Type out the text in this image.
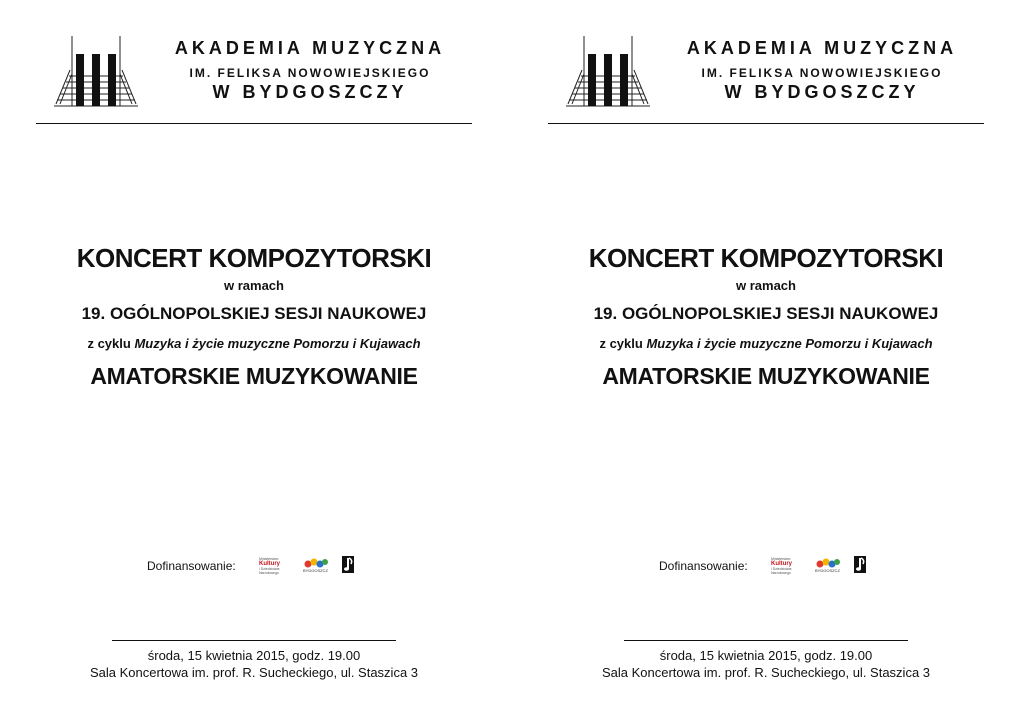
AKADEMIA MUZYCZNA
IM. FELIKSA NOWOWIEJSKIEGO
W BYDGOSZCZY
KONCERT KOMPOZYTORSKI
w ramach
19. OGÓLNOPOLSKIEJ SESJI NAUKOWEJ
z cyklu Muzyka i życie muzyczne Pomorzu i Kujawach
AMATORSKIE MUZYKOWANIE
Dofinansowanie:	Ministerstwo
Kultury
i Dziedzictwa Narodowego	BYDGOSZCZ
środa, 15 kwietnia 2015, godz. 19.00
Sala Koncertowa im. prof. R. Sucheckiego, ul. Staszica 3
AKADEMIA MUZYCZNA
IM. FELIKSA NOWOWIEJSKIEGO
W BYDGOSZCZY
KONCERT KOMPOZYTORSKI
w ramach
19. OGÓLNOPOLSKIEJ SESJI NAUKOWEJ
z cyklu Muzyka i życie muzyczne Pomorzu i Kujawach
AMATORSKIE MUZYKOWANIE
Dofinansowanie:	Ministerstwo
Kultury
i Dziedzictwa Narodowego	BYDGOSZCZ
środa, 15 kwietnia 2015, godz. 19.00
Sala Koncertowa im. prof. R. Sucheckiego, ul. Staszica 3
